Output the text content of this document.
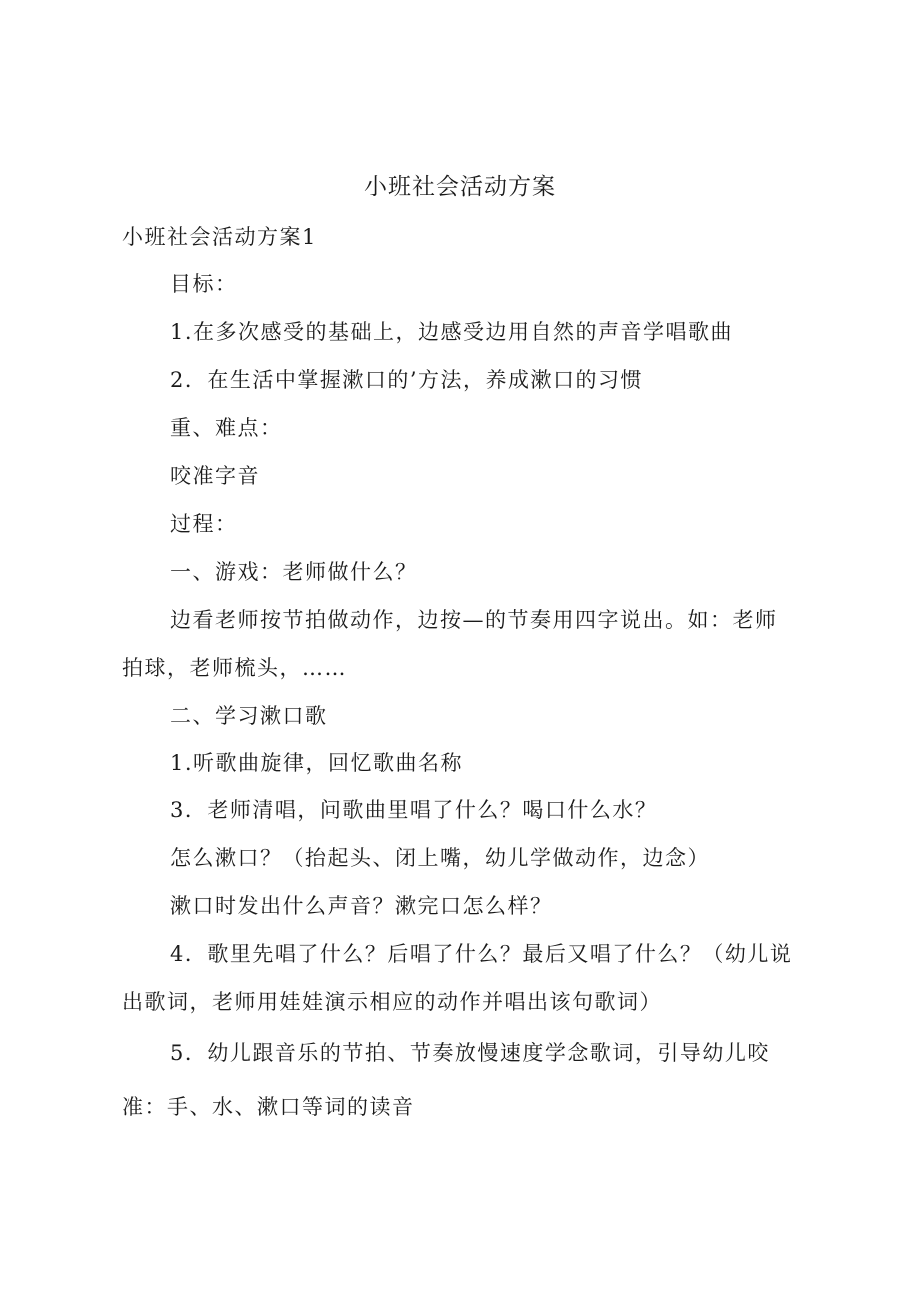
小班社会活动方案
小班社会活动方案1
目标：
1.在多次感受的基础上，边感受边用自然的声音学唱歌曲
2．在生活中掌握漱口的’方法，养成漱口的习惯
重、难点：
咬准字音
过程：
一、游戏：老师做什么？
边看老师按节拍做动作，边按—的节奏用四字说出。如：老师
拍球，老师梳头，……
二、学习漱口歌
1.听歌曲旋律，回忆歌曲名称
3．老师清唱，问歌曲里唱了什么？喝口什么水？
怎么漱口？（抬起头、闭上嘴，幼儿学做动作，边念）
漱口时发出什么声音？漱完口怎么样？
4．歌里先唱了什么？后唱了什么？最后又唱了什么？（幼儿说
出歌词，老师用娃娃演示相应的动作并唱出该句歌词）
5．幼儿跟音乐的节拍、节奏放慢速度学念歌词，引导幼儿咬
准：手、水、漱口等词的读音
